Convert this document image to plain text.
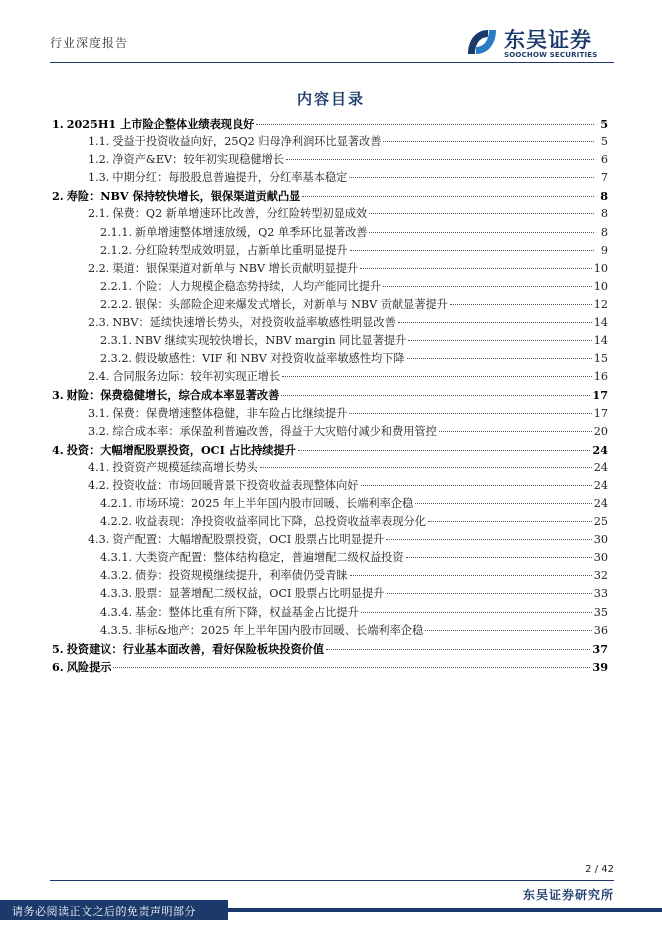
行业深度报告	东吴证券
SOOCHOW SECURITIES
内容目录
1. 2025H1 上市险企整体业绩表现良好	5
1.1. 受益于投资收益向好，25Q2 归母净利润环比显著改善	5
1.2. 净资产&EV：较年初实现稳健增长	6
1.3. 中期分红：每股股息普遍提升，分红率基本稳定	7
2. 寿险：NBV 保持较快增长，银保渠道贡献凸显	8
2.1. 保费：Q2 新单增速环比改善，分红险转型初显成效	8
2.1.1. 新单增速整体增速放缓，Q2 单季环比显著改善	8
2.1.2. 分红险转型成效明显，占新单比重明显提升	9
2.2. 渠道：银保渠道对新单与 NBV 增长贡献明显提升	10
2.2.1. 个险：人力规模企稳态势持续，人均产能同比提升	10
2.2.2. 银保：头部险企迎来爆发式增长，对新单与 NBV 贡献显著提升	12
2.3. NBV：延续快速增长势头，对投资收益率敏感性明显改善	14
2.3.1. NBV 继续实现较快增长，NBV margin 同比显著提升	14
2.3.2. 假设敏感性：VIF 和 NBV 对投资收益率敏感性均下降	15
2.4. 合同服务边际：较年初实现正增长	16
3. 财险：保费稳健增长，综合成本率显著改善	17
3.1. 保费：保费增速整体稳健，非车险占比继续提升	17
3.2. 综合成本率：承保盈利普遍改善，得益于大灾赔付减少和费用管控	20
4. 投资：大幅增配股票投资，OCI 占比持续提升	24
4.1. 投资资产规模延续高增长势头	24
4.2. 投资收益：市场回暖背景下投资收益表现整体向好	24
4.2.1. 市场环境：2025 年上半年国内股市回暖、长端利率企稳	24
4.2.2. 收益表现：净投资收益率同比下降，总投资收益率表现分化	25
4.3. 资产配置：大幅增配股票投资，OCI 股票占比明显提升	30
4.3.1. 大类资产配置：整体结构稳定，普遍增配二级权益投资	30
4.3.2. 债券：投资规模继续提升，利率债仍受青睐	32
4.3.3. 股票：显著增配二级权益，OCI 股票占比明显提升	33
4.3.4. 基金：整体比重有所下降，权益基金占比提升	35
4.3.5. 非标&地产：2025 年上半年国内股市回暖、长端利率企稳	36
5. 投资建议：行业基本面改善，看好保险板块投资价值	37
6. 风险提示	39
2 / 42
东吴证券研究所
请务必阅读正文之后的免责声明部分
